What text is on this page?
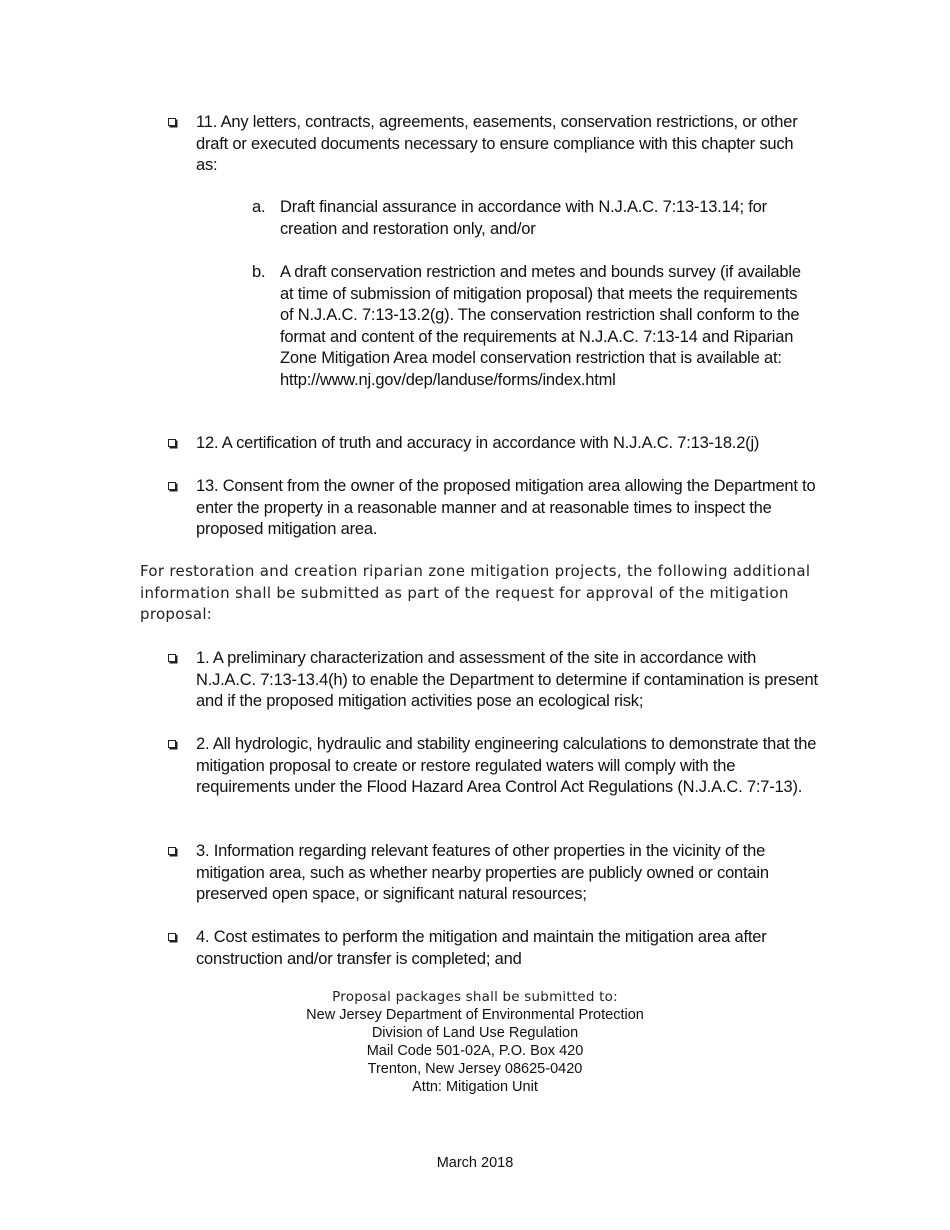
11. Any letters, contracts, agreements, easements, conservation restrictions, or other draft or executed documents necessary to ensure compliance with this chapter such as:
a. Draft financial assurance in accordance with N.J.A.C. 7:13-13.14; for creation and restoration only, and/or
b. A draft conservation restriction and metes and bounds survey (if available at time of submission of mitigation proposal) that meets the requirements of N.J.A.C. 7:13-13.2(g). The conservation restriction shall conform to the format and content of the requirements at N.J.A.C. 7:13-14 and Riparian Zone Mitigation Area model conservation restriction that is available at:
http://www.nj.gov/dep/landuse/forms/index.html
12. A certification of truth and accuracy in accordance with N.J.A.C. 7:13-18.2(j)
13. Consent from the owner of the proposed mitigation area allowing the Department to enter the property in a reasonable manner and at reasonable times to inspect the proposed mitigation area.
For restoration and creation riparian zone mitigation projects, the following additional information shall be submitted as part of the request for approval of the mitigation proposal:
1. A preliminary characterization and assessment of the site in accordance with N.J.A.C. 7:13-13.4(h) to enable the Department to determine if contamination is present and if the proposed mitigation activities pose an ecological risk;
2. All hydrologic, hydraulic and stability engineering calculations to demonstrate that the mitigation proposal to create or restore regulated waters will comply with the requirements under the Flood Hazard Area Control Act Regulations (N.J.A.C. 7:7-13).
3. Information regarding relevant features of other properties in the vicinity of the mitigation area, such as whether nearby properties are publicly owned or contain preserved open space, or significant natural resources;
4. Cost estimates to perform the mitigation and maintain the mitigation area after construction and/or transfer is completed; and
Proposal packages shall be submitted to:
New Jersey Department of Environmental Protection
Division of Land Use Regulation
Mail Code 501-02A, P.O. Box 420
Trenton, New Jersey 08625-0420
Attn: Mitigation Unit
March 2018
